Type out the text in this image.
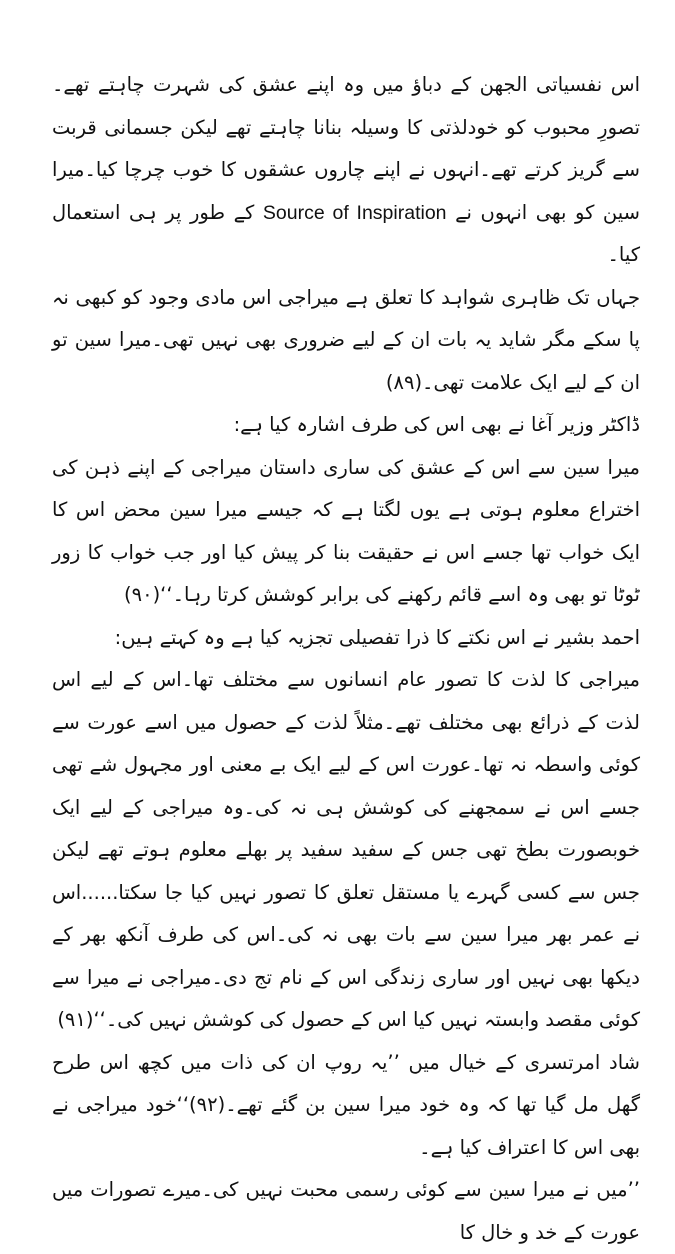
اس نفسیاتی الجھن کے دباؤ میں وہ اپنے عشق کی شہرت چاہتے تھے۔تصورِ محبوب کو خودلذتی کا وسیلہ بنانا چاہتے تھے لیکن جسمانی قربت سے گریز کرتے تھے۔انہوں نے اپنے چاروں عشقوں کا خوب چرچا کیا۔میرا سین کو بھی انہوں نے Source of Inspiration کے طور پر ہی استعمال کیا۔

جہاں تک ظاہری شواہد کا تعلق ہے میراجی اس مادی وجود کو کبھی نہ پا سکے مگر شاید یہ بات ان کے لیے ضروری بھی نہیں تھی۔میرا سین تو ان کے لیے ایک علامت تھی۔(۸۹)

ڈاکٹر وزیر آغا نے بھی اس کی طرف اشارہ کیا ہے:

میرا سین سے اس کے عشق کی ساری داستان میراجی کے اپنے ذہن کی اختراع معلوم ہوتی ہے یوں لگتا ہے کہ جیسے میرا سین محض اس کا ایک خواب تھا جسے اس نے حقیقت بنا کر پیش کیا اور جب خواب کا زور ٹوٹا تو بھی وہ اسے قائم رکھنے کی برابر کوشش کرتا رہا۔‘‘(۹۰)

احمد بشیر نے اس نکتے کا ذرا تفصیلی تجزیہ کیا ہے وہ کہتے ہیں:

میراجی کا لذت کا تصور عام انسانوں سے مختلف تھا۔اس کے لیے اس لذت کے ذرائع بھی مختلف تھے۔مثلاً لذت کے حصول میں اسے عورت سے کوئی واسطہ نہ تھا۔عورت اس کے لیے ایک بے معنی اور مجہول شے تھی جسے اس نے سمجھنے کی کوشش ہی نہ کی۔وہ میراجی کے لیے ایک خوبصورت بطخ تھی جس کے سفید سفید پر بھلے معلوم ہوتے تھے لیکن جس سے کسی گہرے یا مستقل تعلق کا تصور نہیں کیا جا سکتا......اس نے عمر بھر میرا سین سے بات بھی نہ کی۔اس کی طرف آنکھ بھر کے دیکھا بھی نہیں اور ساری زندگی اس کے نام تج دی۔میراجی نے میرا سے کوئی مقصد وابستہ نہیں کیا اس کے حصول کی کوشش نہیں کی۔‘‘(۹۱)

شاد امرتسری کے خیال میں ’’یہ روپ ان کی ذات میں کچھ اس طرح گھل مل گیا تھا کہ وہ خود میرا سین بن گئے تھے۔(۹۲)‘‘خود میراجی نے بھی اس کا اعتراف کیا ہے۔

’’میں نے میرا سین سے کوئی رسمی محبت نہیں کی۔میرے تصورات میں عورت کے خد و خال کا
